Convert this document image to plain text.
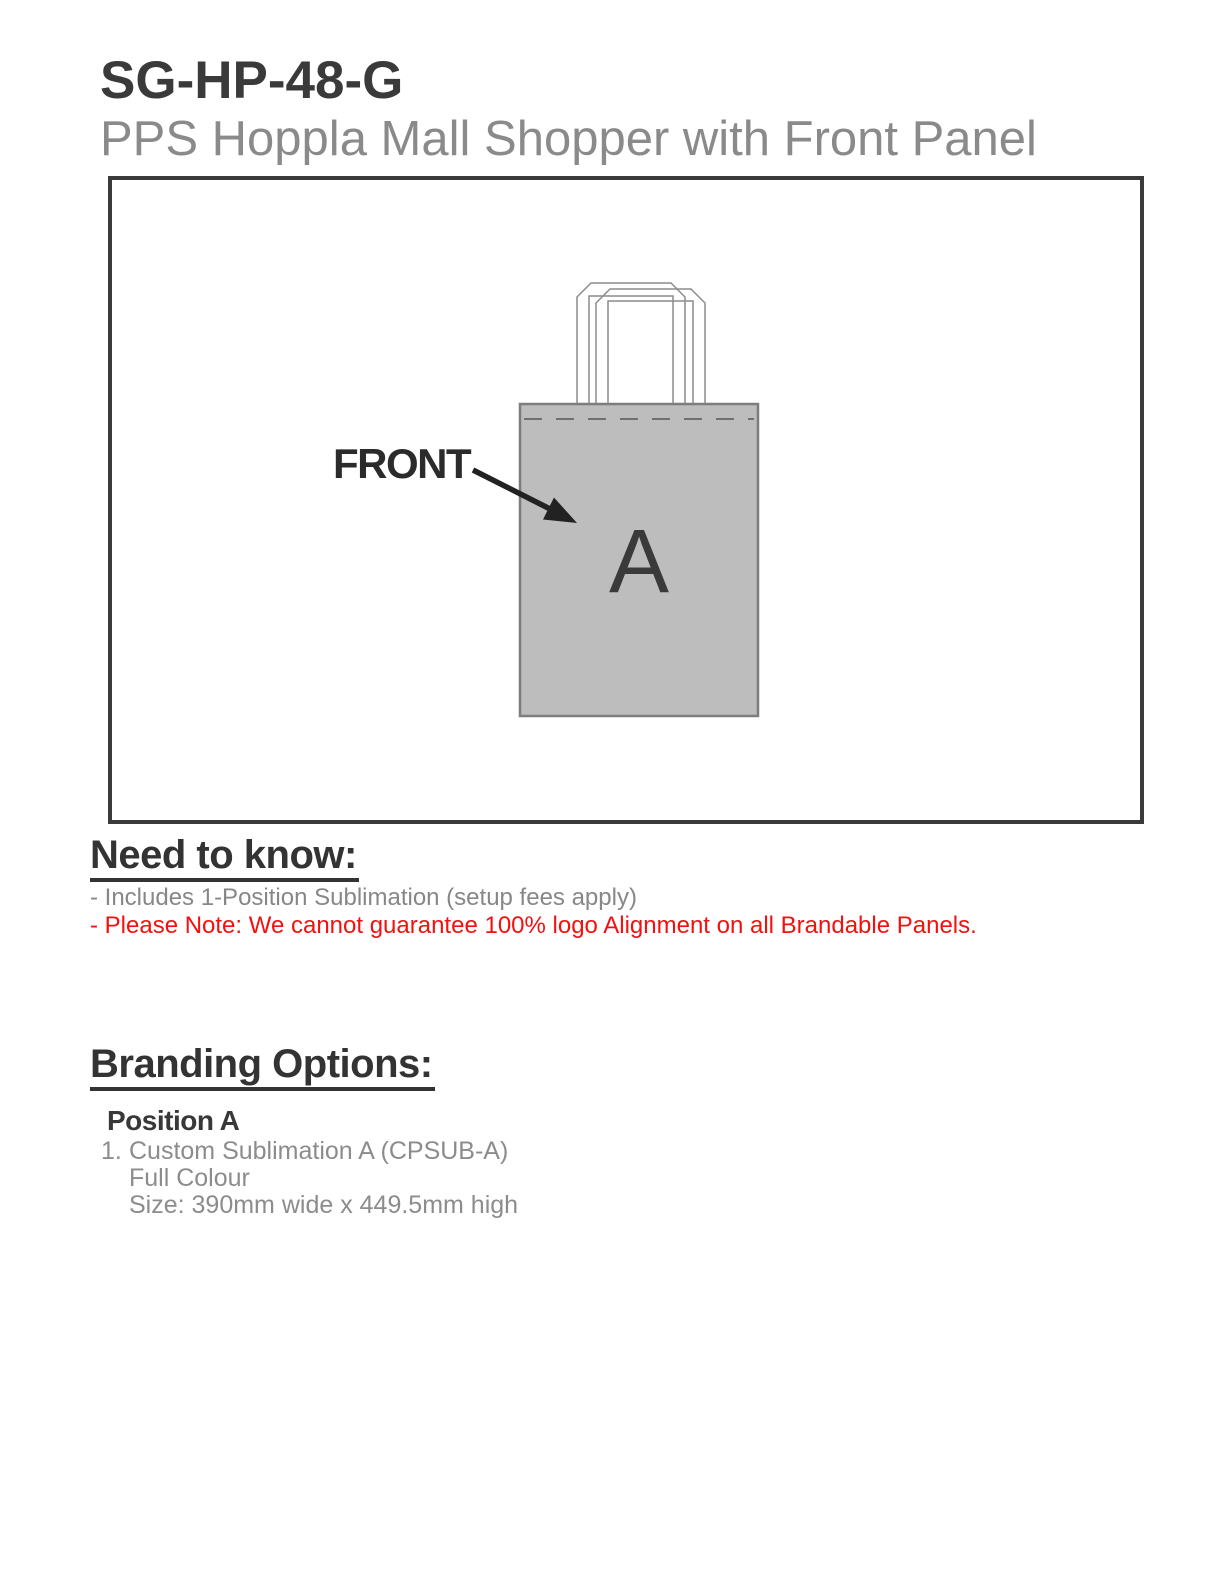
SG-HP-48-G
PPS Hoppla Mall Shopper with Front Panel
FRONT
A
Need to know:
- Includes 1-Position Sublimation (setup fees apply)
- Please Note: We cannot guarantee 100% logo Alignment on all Brandable Panels.
Branding Options:
Position A
1. Custom Sublimation A (CPSUB-A)
Full Colour
Size: 390mm wide x 449.5mm high
